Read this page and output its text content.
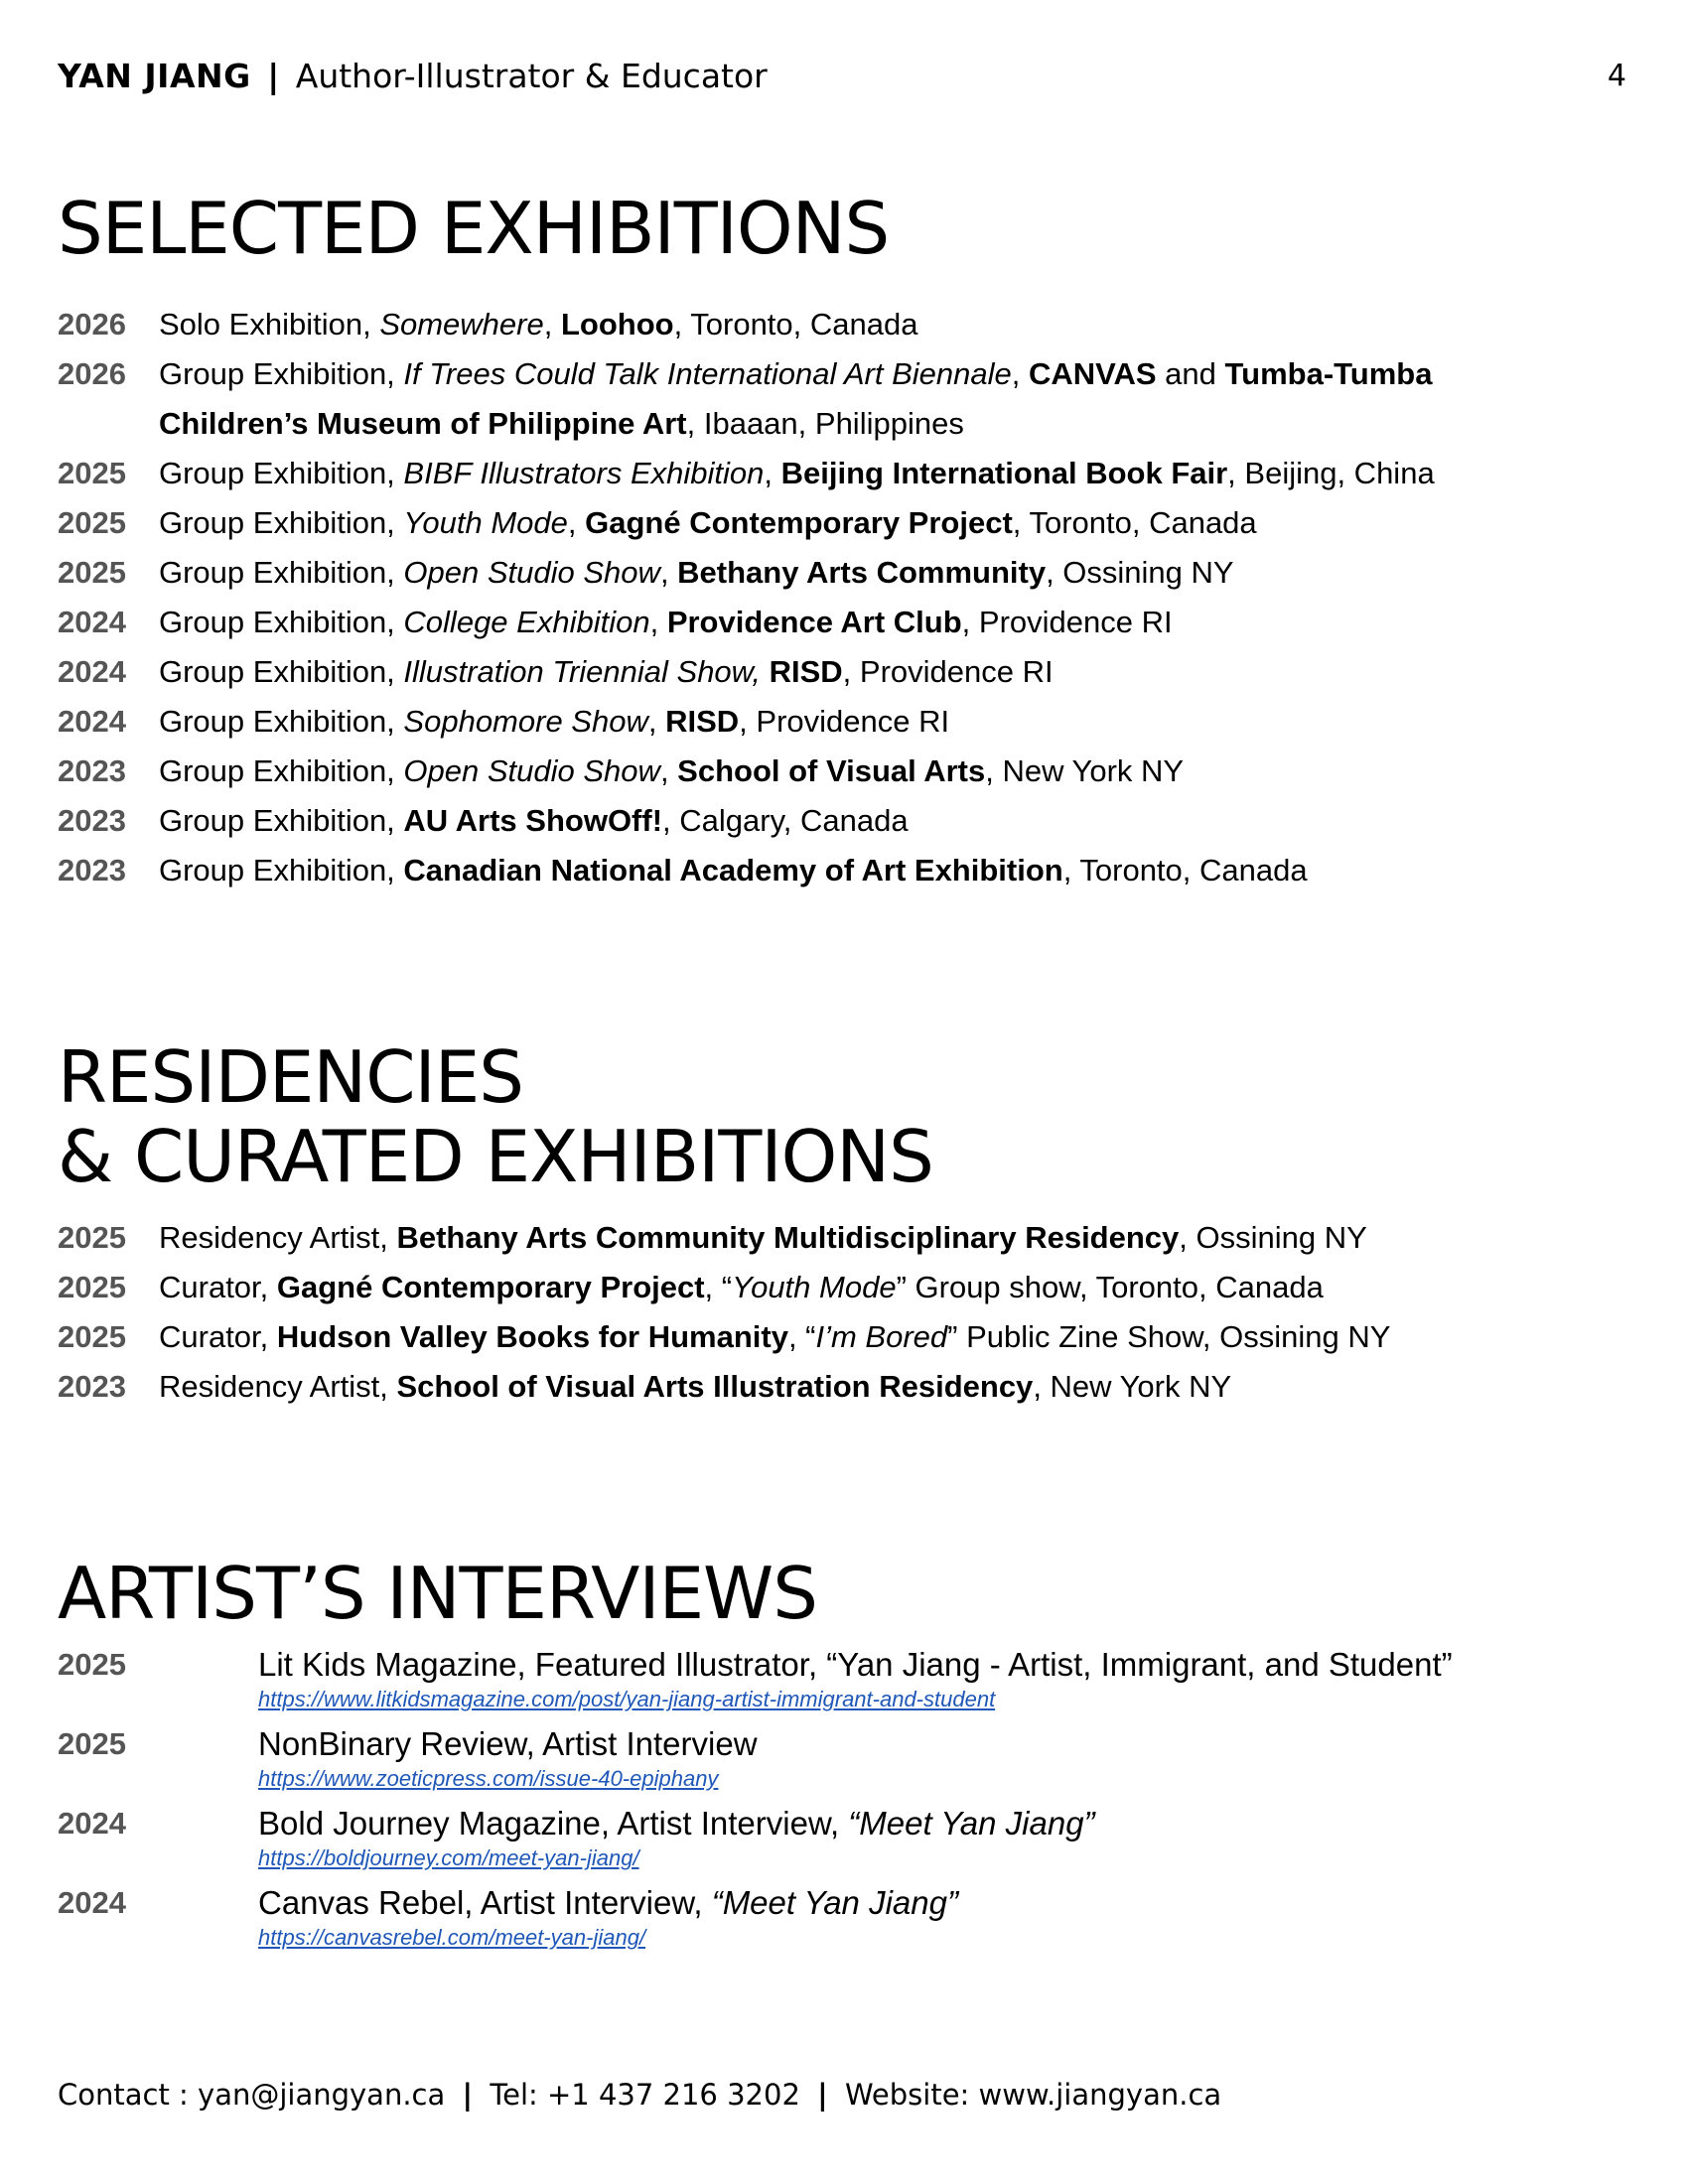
YAN JIANG | Author-Illustrator & Educator	4
SELECTED EXHIBITIONS
2026	Solo Exhibition, Somewhere, Loohoo, Toronto, Canada
2026	Group Exhibition, If Trees Could Talk International Art Biennale, CANVAS and Tumba-Tumba Children’s Museum of Philippine Art, Ibaaan, Philippines
2025	Group Exhibition, BIBF Illustrators Exhibition, Beijing International Book Fair, Beijing, China
2025	Group Exhibition, Youth Mode, Gagné Contemporary Project, Toronto, Canada
2025	Group Exhibition, Open Studio Show, Bethany Arts Community, Ossining NY
2024	Group Exhibition, College Exhibition, Providence Art Club, Providence RI
2024	Group Exhibition, Illustration Triennial Show, RISD, Providence RI
2024	Group Exhibition, Sophomore Show, RISD, Providence RI
2023	Group Exhibition, Open Studio Show, School of Visual Arts, New York NY
2023	Group Exhibition, AU Arts ShowOff!, Calgary, Canada
2023	Group Exhibition, Canadian National Academy of Art Exhibition, Toronto, Canada
RESIDENCIES
& CURATED EXHIBITIONS
2025	Residency Artist, Bethany Arts Community Multidisciplinary Residency, Ossining NY
2025	Curator, Gagné Contemporary Project, “Youth Mode” Group show, Toronto, Canada
2025	Curator, Hudson Valley Books for Humanity, “I’m Bored” Public Zine Show, Ossining NY
2023	Residency Artist, School of Visual Arts Illustration Residency, New York NY
ARTIST’S INTERVIEWS
2025	Lit Kids Magazine, Featured Illustrator, “Yan Jiang - Artist, Immigrant, and Student”
https://www.litkidsmagazine.com/post/yan-jiang-artist-immigrant-and-student
2025	NonBinary Review, Artist Interview
https://www.zoeticpress.com/issue-40-epiphany
2024	Bold Journey Magazine, Artist Interview, “Meet Yan Jiang”
https://boldjourney.com/meet-yan-jiang/
2024	Canvas Rebel, Artist Interview, “Meet Yan Jiang”
https://canvasrebel.com/meet-yan-jiang/
Contact : yan@jiangyan.ca | Tel: +1 437 216 3202 | Website: www.jiangyan.ca
